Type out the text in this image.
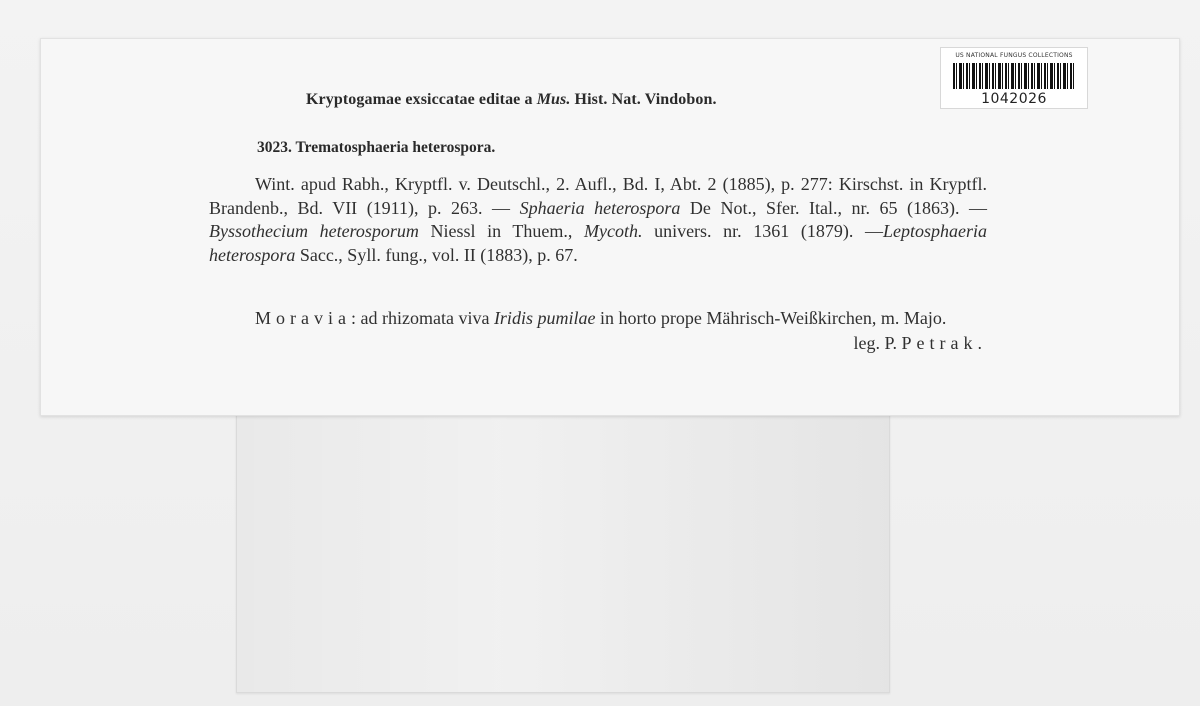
Kryptogamae exsiccatae editae a Mus. Hist. Nat. Vindobon.
3023. Trematosphaeria heterospora.
Wint. apud Rabh., Kryptfl. v. Deutschl., 2. Aufl., Bd. I, Abt. 2 (1885), p. 277: Kirschst. in Kryptfl. Brandenb., Bd. VII (1911), p. 263. — Sphaeria heterospora De Not., Sfer. Ital., nr. 65 (1863). — Byssothecium heterosporum Niessl in Thuem., Mycoth. univers. nr. 1361 (1879). —Leptosphaeria heterospora Sacc., Syll. fung., vol. II (1883), p. 67.
Moravia: ad rhizomata viva Iridis pumilae in horto prope Mährisch-Weißkirchen, m. Majo.
leg. P. Petrak.
US NATIONAL FUNGUS COLLECTIONS
1042026
